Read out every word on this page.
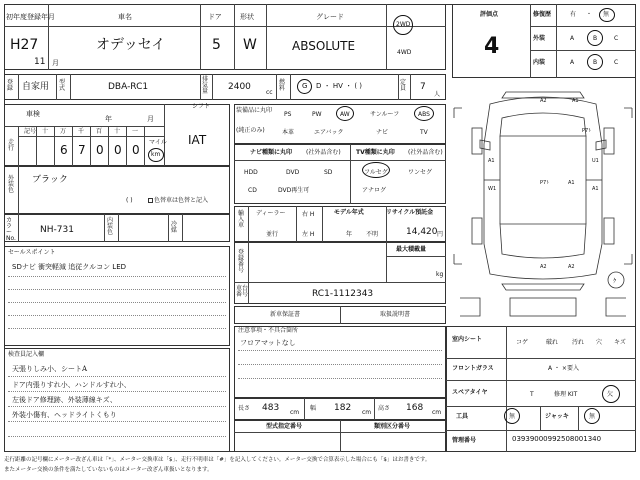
初年度登録年月
H27
11 月
車名
オデッセイ
ドア
5
形状
W
グレード
ABSOLUTE
2WD
4WD
登録 自家用 型式	DBA-RC1
排気量 2400
cc
燃料 G D ・ HV ・ ( )	定員 7
人
車検
年	月
シフト
IAT
走行
記号 十
6
万
7
千
0
百
0
十
0
一
マイル
km
外装色
ブラック
( )	色替車は色替と記入
カラー No.
NH-731
内装色
冷媒
セールスポイント
SDナビ 衝突軽減 追従クルコン LED
検査員記入欄
天張りしみ小、シートA
ドア内張りすれ小、ハンドルすれ小、
左後ドア修理跡、外装薄線キズ、
外装小傷有、ヘッドライトくもり
装備品に丸印
(純正のみ)
PS	PW	AW	サンルーフ	ABS
本革	エアバック	ナビ	TV
ナビ種類に丸印 (社外品含む)
HDD	DVD	SD
CD	DVD再生可
TV種類に丸印 (社外品含む)
フルセグ	ワンセグ
アナログ
輸入車
ディーラー
並行
右 H
左 H
モデル年式
年 不明
リサイクル預託金
14,420 円
登録番号
最大積載量
kg
車台番号	RC1-1112343
新車保証書	取扱説明書
注意事項・不具合箇所
フロアマットなし
長さ 483 cm
幅 182 cm
高さ 168 cm
型式指定番号	類別区分番号
評価点
4
修復歴	有 ・ 無
外装	A	B	C
内装	A	B	C
A2	A1
P7ﾄ
A1
W1
P7ﾄ
U1
A1
A1
A2	A2
ｸ
室内シート	コゲ	破れ 汚れ 穴 キズ
フロントガラス	A ・ ×要入
スペアタイヤ	T	修理 KIT	欠
工具	無	ジャッキ	無
管理番号	03939000992508001340
走行距離の記号欄にメーター改ざん車は「*」、メーター交換車は「$」、走行不明車は「#」を記入してください。メーター交換で合算表示した場合にも「$」はお書きです。
またメーター交換の条件を満たしていないものはメーター改ざん車扱いとなります。
